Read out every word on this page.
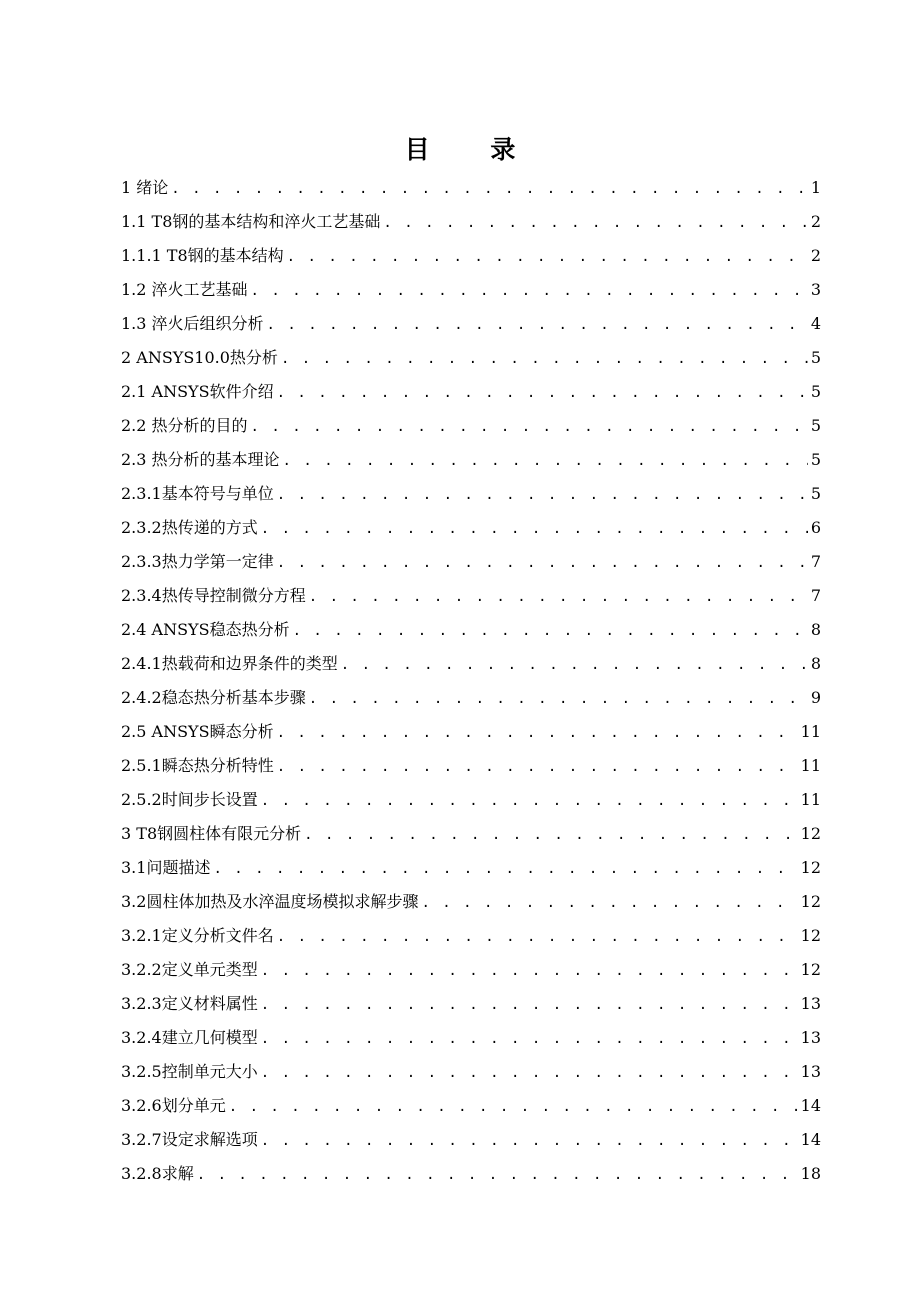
目 录
1 绪论 . . .	1
1.1 T8钢的基本结构和淬火工艺基础 . . .	2
1.1.1 T8钢的基本结构 . . .	2
1.2 淬火工艺基础 . . .	3
1.3 淬火后组织分析 . . .	4
2 ANSYS10.0热分析 . . .	5
2.1 ANSYS软件介绍 . . .	5
2.2 热分析的目的 . . .	5
2.3 热分析的基本理论 . . .	5
2.3.1基本符号与单位 . . .	5
2.3.2热传递的方式 . . .	6
2.3.3热力学第一定律 . . .	7
2.3.4热传导控制微分方程 . . .	7
2.4 ANSYS稳态热分析 . . .	8
2.4.1热载荷和边界条件的类型 . . .	8
2.4.2稳态热分析基本步骤 . . .	9
2.5 ANSYS瞬态分析 . . .	11
2.5.1瞬态热分析特性 . . .	11
2.5.2时间步长设置 . . .	11
3 T8钢圆柱体有限元分析 . . .	12
3.1问题描述 . . .	12
3.2圆柱体加热及水淬温度场模拟求解步骤 . . .	12
3.2.1定义分析文件名 . . .	12
3.2.2定义单元类型 . . .	12
3.2.3定义材料属性 . . .	13
3.2.4建立几何模型 . . .	13
3.2.5控制单元大小 . . .	13
3.2.6划分单元 . . .	14
3.2.7设定求解选项 . . .	14
3.2.8求解 . . .	18
